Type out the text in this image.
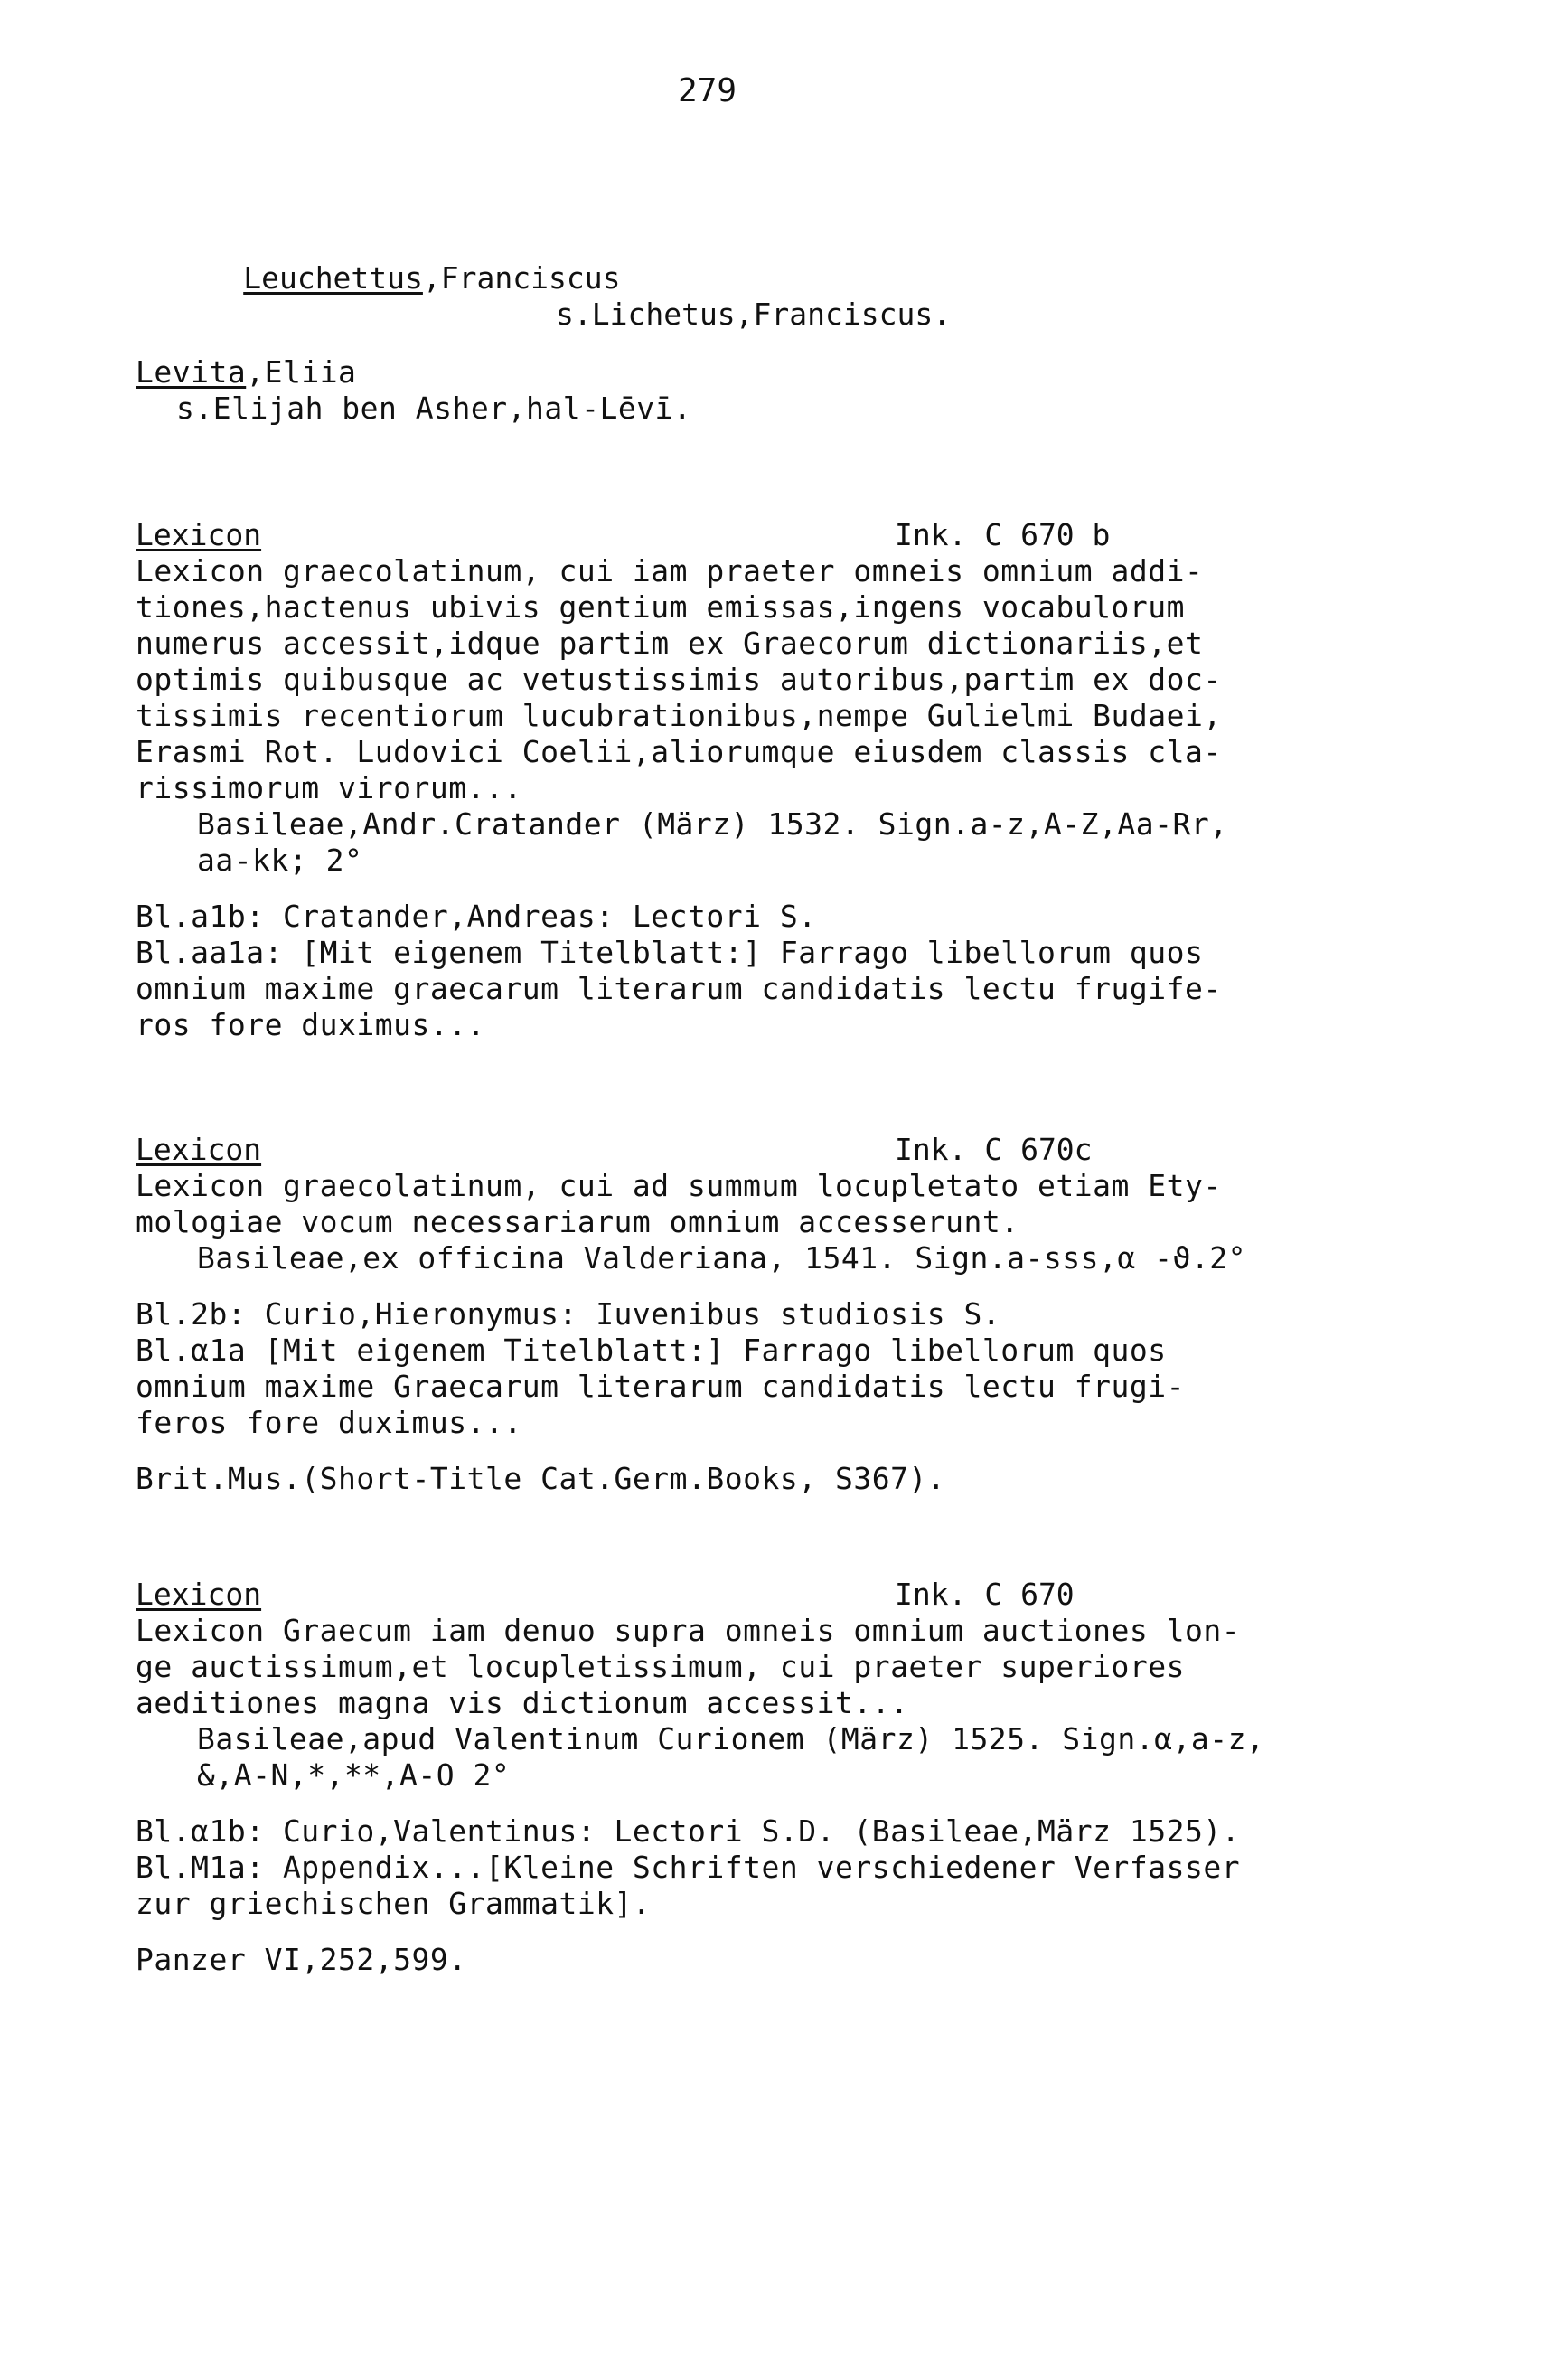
279

Leuchettus,Franciscus

s.Lichetus,Franciscus.

Levita,Eliia
s.Elijah ben Asher,hal-Lēvī.
Lexicon	Ink. C 670 b
Lexicon graecolatinum, cui iam praeter omneis omnium addi-
tiones,hactenus ubivis gentium emissas,ingens vocabulorum
numerus accessit,idque partim ex Graecorum dictionariis,et
optimis quibusque ac vetustissimis autoribus,partim ex doc-
tissimis recentiorum lucubrationibus,nempe Gulielmi Budaei,
Erasmi Rot. Ludovici Coelii,aliorumque eiusdem classis cla-
rissimorum virorum...
Basileae,Andr.Cratander (März) 1532. Sign.a-z,A-Z,Aa-Rr,
aa-kk; 2°
Bl.a1b: Cratander,Andreas: Lectori S.
Bl.aa1a: [Mit eigenem Titelblatt:] Farrago libellorum quos
omnium maxime graecarum literarum candidatis lectu frugife-
ros fore duximus...
Lexicon	Ink. C 670c
Lexicon graecolatinum, cui ad summum locupletato etiam Ety-
mologiae vocum necessariarum omnium accesserunt.
Basileae,ex officina Valderiana, 1541. Sign.a-sss,α -ϑ.2°
Bl.2b: Curio,Hieronymus: Iuvenibus studiosis S.
Bl.α1a [Mit eigenem Titelblatt:] Farrago libellorum quos
omnium maxime Graecarum literarum candidatis lectu frugi-
feros fore duximus...
Brit.Mus.(Short-Title Cat.Germ.Books, S367).
Lexicon	Ink. C 670
Lexicon Graecum iam denuo supra omneis omnium auctiones lon-
ge auctissimum,et locupletissimum, cui praeter superiores
aeditiones magna vis dictionum accessit...
Basileae,apud Valentinum Curionem (März) 1525. Sign.α,a-z,
&,A-N,*,**,A-O 2°
Bl.α1b: Curio,Valentinus: Lectori S.D. (Basileae,März 1525).
Bl.M1a: Appendix...[Kleine Schriften verschiedener Verfasser
zur griechischen Grammatik].
Panzer VI,252,599.
